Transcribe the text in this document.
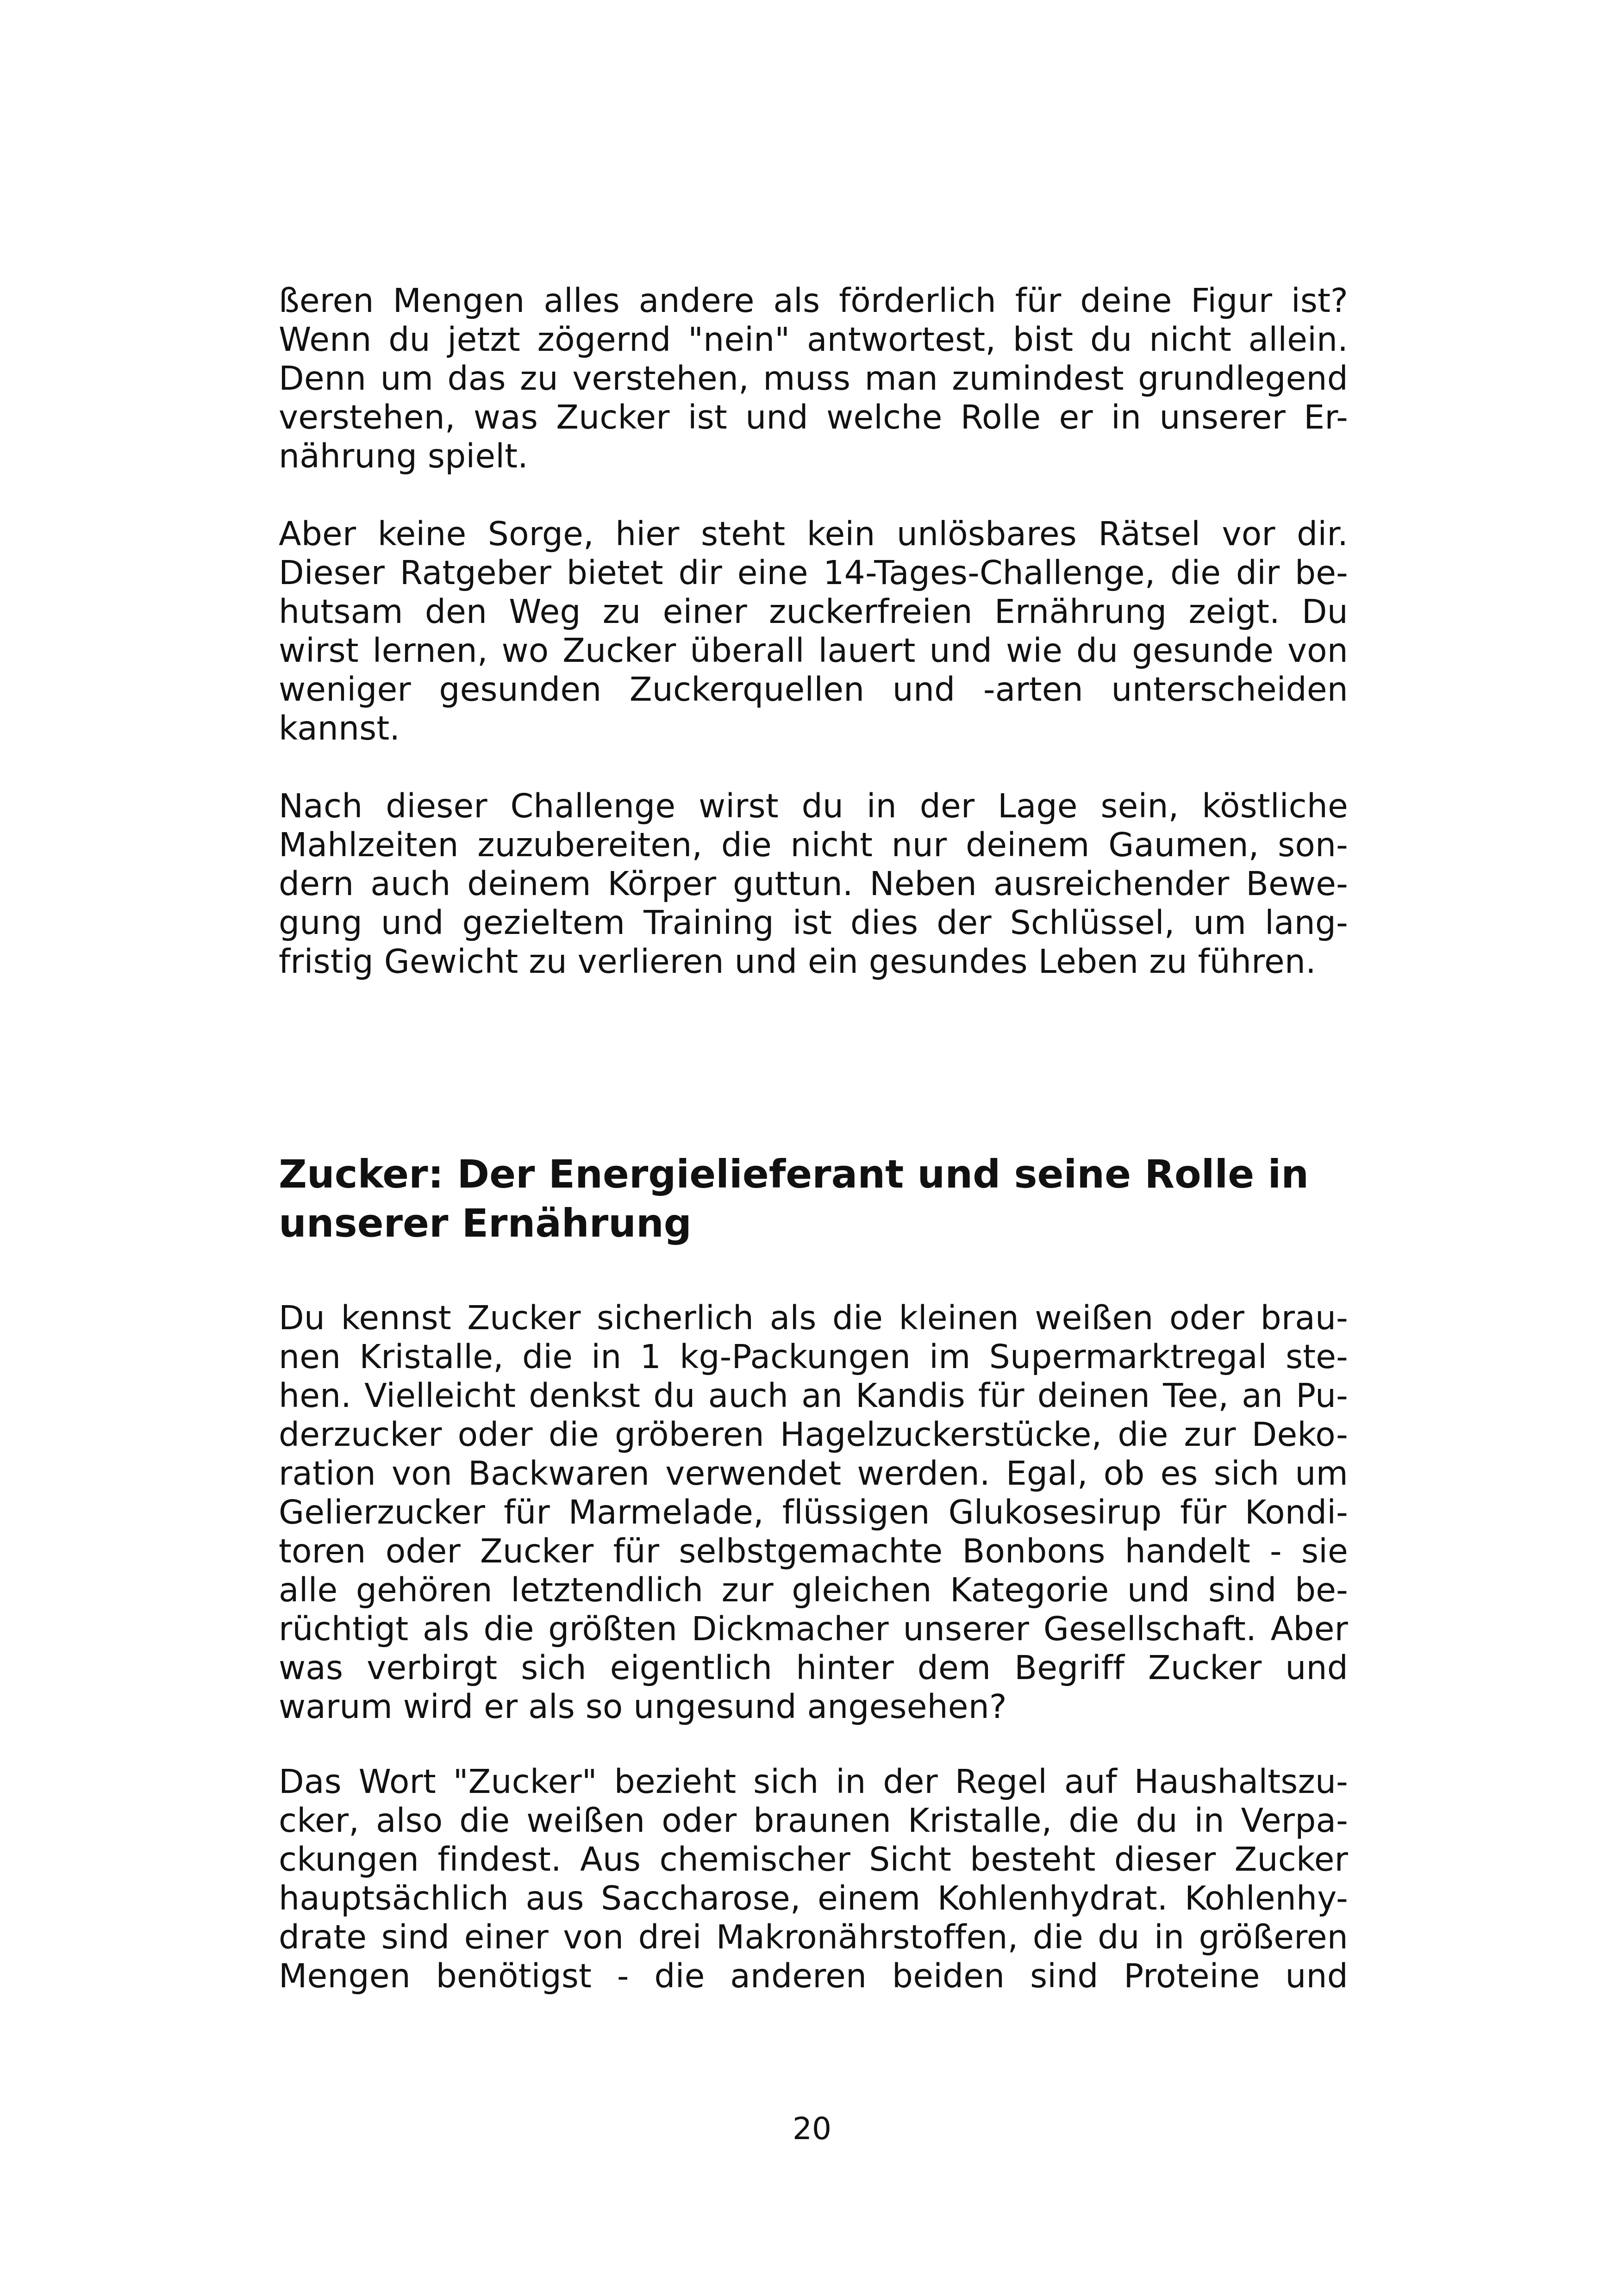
ßeren Mengen alles andere als förderlich für deine Figur ist?
Wenn du jetzt zögernd "nein" antwortest, bist du nicht allein.
Denn um das zu verstehen, muss man zumindest grundlegend
verstehen, was Zucker ist und welche Rolle er in unserer Er-
nährung spielt.
Aber keine Sorge, hier steht kein unlösbares Rätsel vor dir.
Dieser Ratgeber bietet dir eine 14-Tages-Challenge, die dir be-
hutsam den Weg zu einer zuckerfreien Ernährung zeigt. Du
wirst lernen, wo Zucker überall lauert und wie du gesunde von
weniger gesunden Zuckerquellen und -arten unterscheiden
kannst.
Nach dieser Challenge wirst du in der Lage sein, köstliche
Mahlzeiten zuzubereiten, die nicht nur deinem Gaumen, son-
dern auch deinem Körper guttun. Neben ausreichender Bewe-
gung und gezieltem Training ist dies der Schlüssel, um lang-
fristig Gewicht zu verlieren und ein gesundes Leben zu führen.
Zucker: Der Energielieferant und seine Rolle in
unserer Ernährung
Du kennst Zucker sicherlich als die kleinen weißen oder brau-
nen Kristalle, die in 1 kg-Packungen im Supermarktregal ste-
hen. Vielleicht denkst du auch an Kandis für deinen Tee, an Pu-
derzucker oder die gröberen Hagelzuckerstücke, die zur Deko-
ration von Backwaren verwendet werden. Egal, ob es sich um
Gelierzucker für Marmelade, flüssigen Glukosesirup für Kondi-
toren oder Zucker für selbstgemachte Bonbons handelt - sie
alle gehören letztendlich zur gleichen Kategorie und sind be-
rüchtigt als die größten Dickmacher unserer Gesellschaft. Aber
was verbirgt sich eigentlich hinter dem Begriff Zucker und
warum wird er als so ungesund angesehen?
Das Wort "Zucker" bezieht sich in der Regel auf Haushaltszu-
cker, also die weißen oder braunen Kristalle, die du in Verpa-
ckungen findest. Aus chemischer Sicht besteht dieser Zucker
hauptsächlich aus Saccharose, einem Kohlenhydrat. Kohlenhy-
drate sind einer von drei Makronährstoffen, die du in größeren
Mengen benötigst - die anderen beiden sind Proteine und
20
